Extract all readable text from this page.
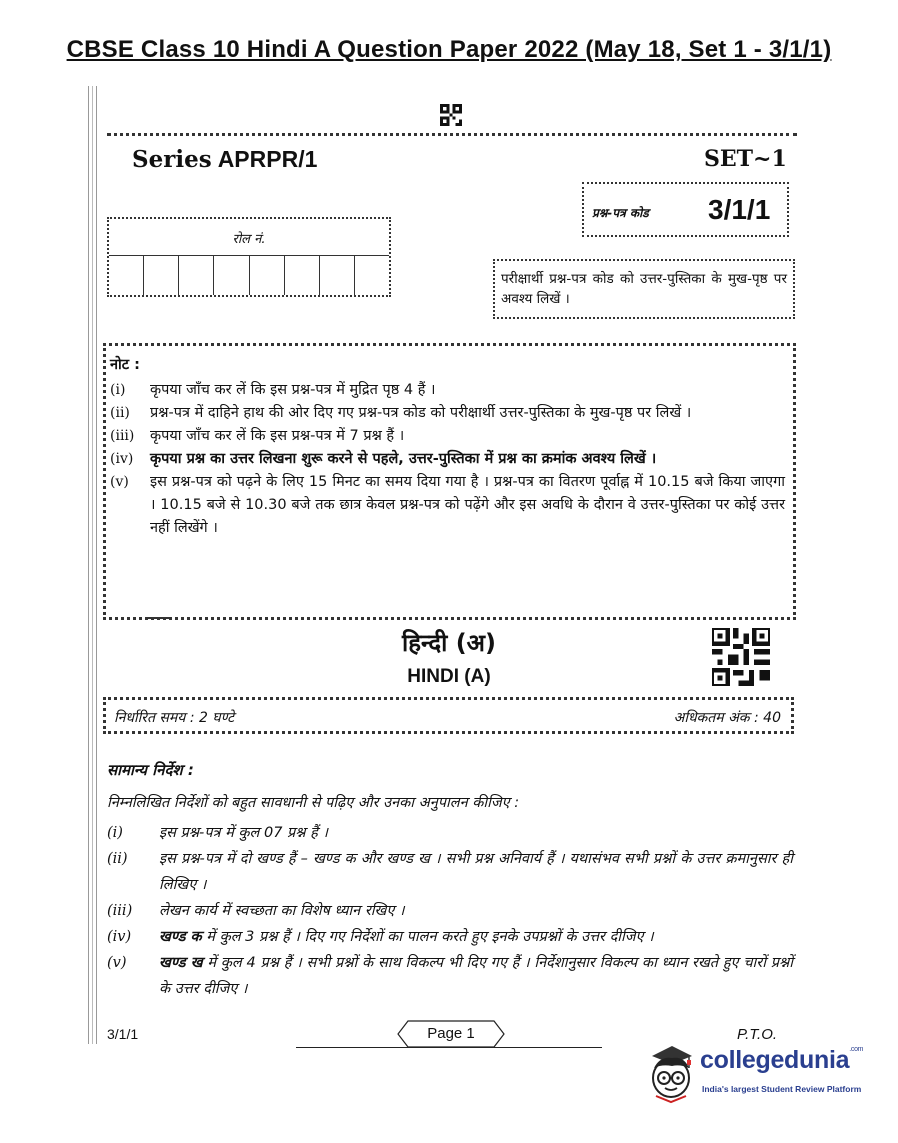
CBSE Class 10 Hindi A Question Paper 2022 (May 18, Set 1 - 3/1/1)
Series APRPR/1	SET~1
प्रश्न-पत्र कोड 3/1/1
रोल नं.
परीक्षार्थी प्रश्न-पत्र कोड को उत्तर-पुस्तिका के मुख-पृष्ठ पर अवश्य लिखें ।
नोट :
(i)	कृपया जाँच कर लें कि इस प्रश्न-पत्र में मुद्रित पृष्ठ 4 हैं ।
(ii)	प्रश्न-पत्र में दाहिने हाथ की ओर दिए गए प्रश्न-पत्र कोड को परीक्षार्थी उत्तर-पुस्तिका के मुख-पृष्ठ पर लिखें ।
(iii)	कृपया जाँच कर लें कि इस प्रश्न-पत्र में 7 प्रश्न हैं ।
(iv)	कृपया प्रश्न का उत्तर लिखना शुरू करने से पहले, उत्तर-पुस्तिका में प्रश्न का क्रमांक अवश्य लिखें ।
(v)	इस प्रश्न-पत्र को पढ़ने के लिए 15 मिनट का समय दिया गया है । प्रश्न-पत्र का वितरण पूर्वाह्न में 10.15 बजे किया जाएगा । 10.15 बजे से 10.30 बजे तक छात्र केवल प्रश्न-पत्र को पढ़ेंगे और इस अवधि के दौरान वे उत्तर-पुस्तिका पर कोई उत्तर नहीं लिखेंगे ।
हिन्दी (अ)
HINDI (A)
निर्धारित समय : 2 घण्टे	अधिकतम अंक : 40
सामान्य निर्देश :
निम्नलिखित निर्देशों को बहुत सावधानी से पढ़िए और उनका अनुपालन कीजिए :
(i)	इस प्रश्न-पत्र में कुल 07 प्रश्न हैं ।
(ii)	इस प्रश्न-पत्र में दो खण्ड हैं – खण्ड क और खण्ड ख । सभी प्रश्न अनिवार्य हैं । यथासंभव सभी प्रश्नों के उत्तर क्रमानुसार ही लिखिए ।
(iii)	लेखन कार्य में स्वच्छता का विशेष ध्यान रखिए ।
(iv)	खण्ड क में कुल 3 प्रश्न हैं । दिए गए निर्देशों का पालन करते हुए इनके उपप्रश्नों के उत्तर दीजिए ।
(v)	खण्ड ख में कुल 4 प्रश्न हैं । सभी प्रश्नों के साथ विकल्प भी दिए गए हैं । निर्देशानुसार विकल्प का ध्यान रखते हुए चारों प्रश्नों के उत्तर दीजिए ।
3/1/1	Page 1	P.T.O.
collegedunia$^{.com}$
India's largest Student Review Platform
